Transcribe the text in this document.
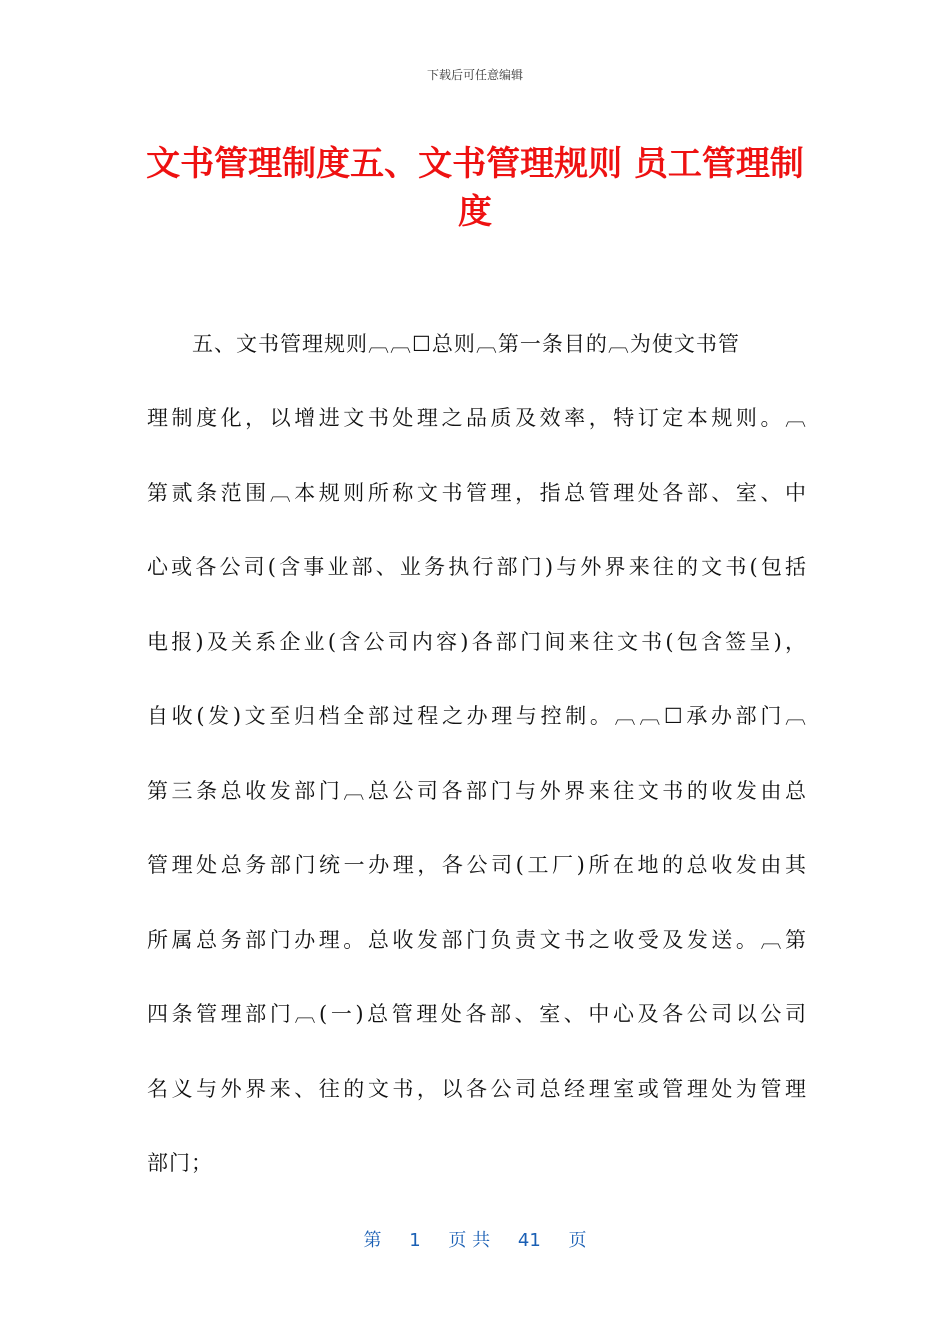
下载后可任意编辑
文书管理制度五、文书管理规则 员工管理制度
五、文书管理规则︹︹☐总则︹第一条目的︹为使文书管
理制度化，以增进文书处理之品质及效率，特订定本规则。︹
第贰条范围︹本规则所称文书管理，指总管理处各部、室、中
心或各公司(含事业部、业务执行部门)与外界来往的文书(包括
电报)及关系企业(含公司内容)各部门间来往文书(包含签呈)，
自收(发)文至归档全部过程之办理与控制。︹︹☐承办部门︹
第三条总收发部门︹总公司各部门与外界来往文书的收发由总
管理处总务部门统一办理，各公司(工厂)所在地的总收发由其
所属总务部门办理。总收发部门负责文书之收受及发送。︹第
四条管理部门︹(一)总管理处各部、室、中心及各公司以公司
名义与外界来、往的文书，以各公司总经理室或管理处为管理
部门；
第 1 页 共 41 页
